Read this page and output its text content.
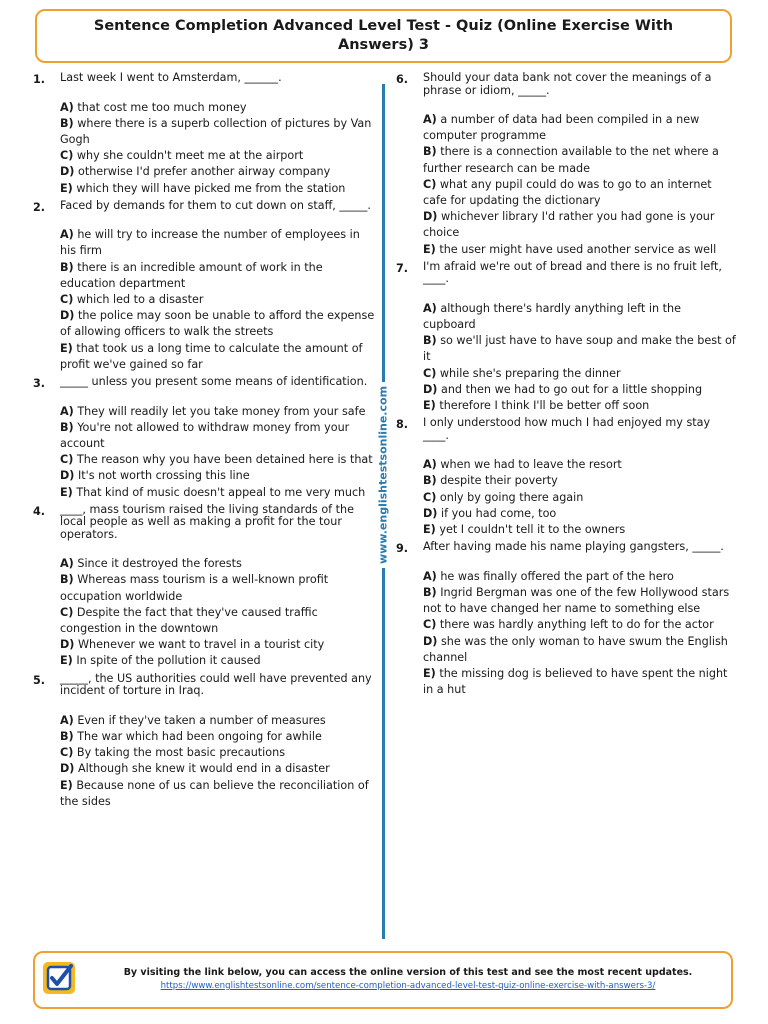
Sentence Completion Advanced Level Test - Quiz (Online Exercise With Answers) 3
1.	Last week I went to Amsterdam, ______.
A) that cost me too much money
B) where there is a superb collection of pictures by Van Gogh
C) why she couldn't meet me at the airport
D) otherwise I'd prefer another airway company
E) which they will have picked me from the station
2.	Faced by demands for them to cut down on staff, _____.
A) he will try to increase the number of employees in his firm
B) there is an incredible amount of work in the education department
C) which led to a disaster
D) the police may soon be unable to afford the expense of allowing officers to walk the streets
E) that took us a long time to calculate the amount of profit we've gained so far
3.	_____ unless you present some means of identification.
A) They will readily let you take money from your safe
B) You're not allowed to withdraw money from your account
C) The reason why you have been detained here is that
D) It's not worth crossing this line
E) That kind of music doesn't appeal to me very much
4.	____, mass tourism raised the living standards of the local people as well as making a profit for the tour operators.
A) Since it destroyed the forests
B) Whereas mass tourism is a well-known profit occupation worldwide
C) Despite the fact that they've caused traffic congestion in the downtown
D) Whenever we want to travel in a tourist city
E) In spite of the pollution it caused
5.	_____, the US authorities could well have prevented any incident of torture in Iraq.
A) Even if they've taken a number of measures
B) The war which had been ongoing for awhile
C) By taking the most basic precautions
D) Although she knew it would end in a disaster
E) Because none of us can believe the reconciliation of the sides
www.englishtestsonline.com
6.	Should your data bank not cover the meanings of a phrase or idiom, _____.
A) a number of data had been compiled in a new computer programme
B) there is a connection available to the net where a further research can be made
C) what any pupil could do was to go to an internet cafe for updating the dictionary
D) whichever library I'd rather you had gone is your choice
E) the user might have used another service as well
7.	I'm afraid we're out of bread and there is no fruit left, ____.
A) although there's hardly anything left in the cupboard
B) so we'll just have to have soup and make the best of it
C) while she's preparing the dinner
D) and then we had to go out for a little shopping
E) therefore I think I'll be better off soon
8.	I only understood how much I had enjoyed my stay ____.
A) when we had to leave the resort
B) despite their poverty
C) only by going there again
D) if you had come, too
E) yet I couldn't tell it to the owners
9.	After having made his name playing gangsters, _____.
A) he was finally offered the part of the hero
B) Ingrid Bergman was one of the few Hollywood stars not to have changed her name to something else
C) there was hardly anything left to do for the actor
D) she was the only woman to have swum the English channel
E) the missing dog is believed to have spent the night in a hut
By visiting the link below, you can access the online version of this test and see the most recent updates.
https://www.englishtestsonline.com/sentence-completion-advanced-level-test-quiz-online-exercise-with-answers-3/
